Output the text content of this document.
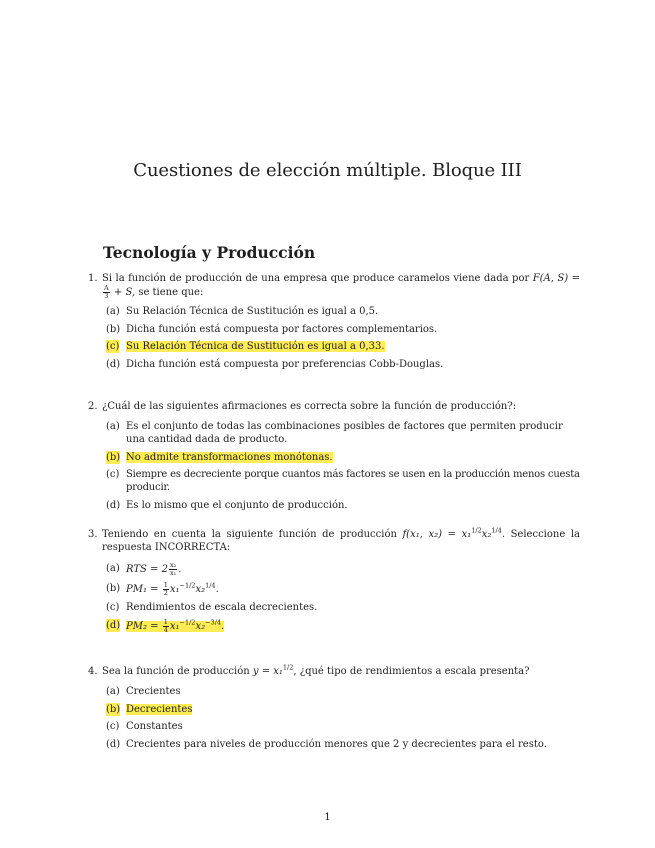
Cuestiones de elección múltiple. Bloque III
Tecnología y Producción
1. Si la función de producción de una empresa que produce caramelos viene dada por F(A, S) =
$\frac{A}{3} + S$, se tiene que:
(a) Su Relación Técnica de Sustitución es igual a 0,5.
(b) Dicha función está compuesta por factores complementarios.
(c) Su Relación Técnica de Sustitución es igual a 0,33.
(d) Dicha función está compuesta por preferencias Cobb-Douglas.
2. ¿Cuál de las siguientes afirmaciones es correcta sobre la función de producción?:
(a) Es el conjunto de todas las combinaciones posibles de factores que permiten producir una cantidad dada de producto.
(b) No admite transformaciones monótonas.
(c) Siempre es decreciente porque cuantos más factores se usen en la producción menos cuesta producir.
(d) Es lo mismo que el conjunto de producción.
3. Teniendo en cuenta la siguiente función de producción f(x₁, x₂) = x₁$^{1/2}$x₂$^{1/4}$. Seleccione la respuesta INCORRECTA:
(a) RTS = $2 \frac{\text{x₂}}{\text{x₁}}$ .
(b) $PM_1 = \frac{1}{2} x_1^{-1/2}x_2^{1/4}$.
(c) Rendimientos de escala decrecientes.
(d) $PM_2 = \frac{1}{4} x_1^{-1/2}x_2^{-3/4}$.
4. Sea la función de producción y = x₁$^{1/2}$, ¿qué tipo de rendimientos a escala presenta?
(a) Crecientes
(b) Decrecientes
(c) Constantes
(d) Crecientes para niveles de producción menores que 2 y decrecientes para el resto.
1
